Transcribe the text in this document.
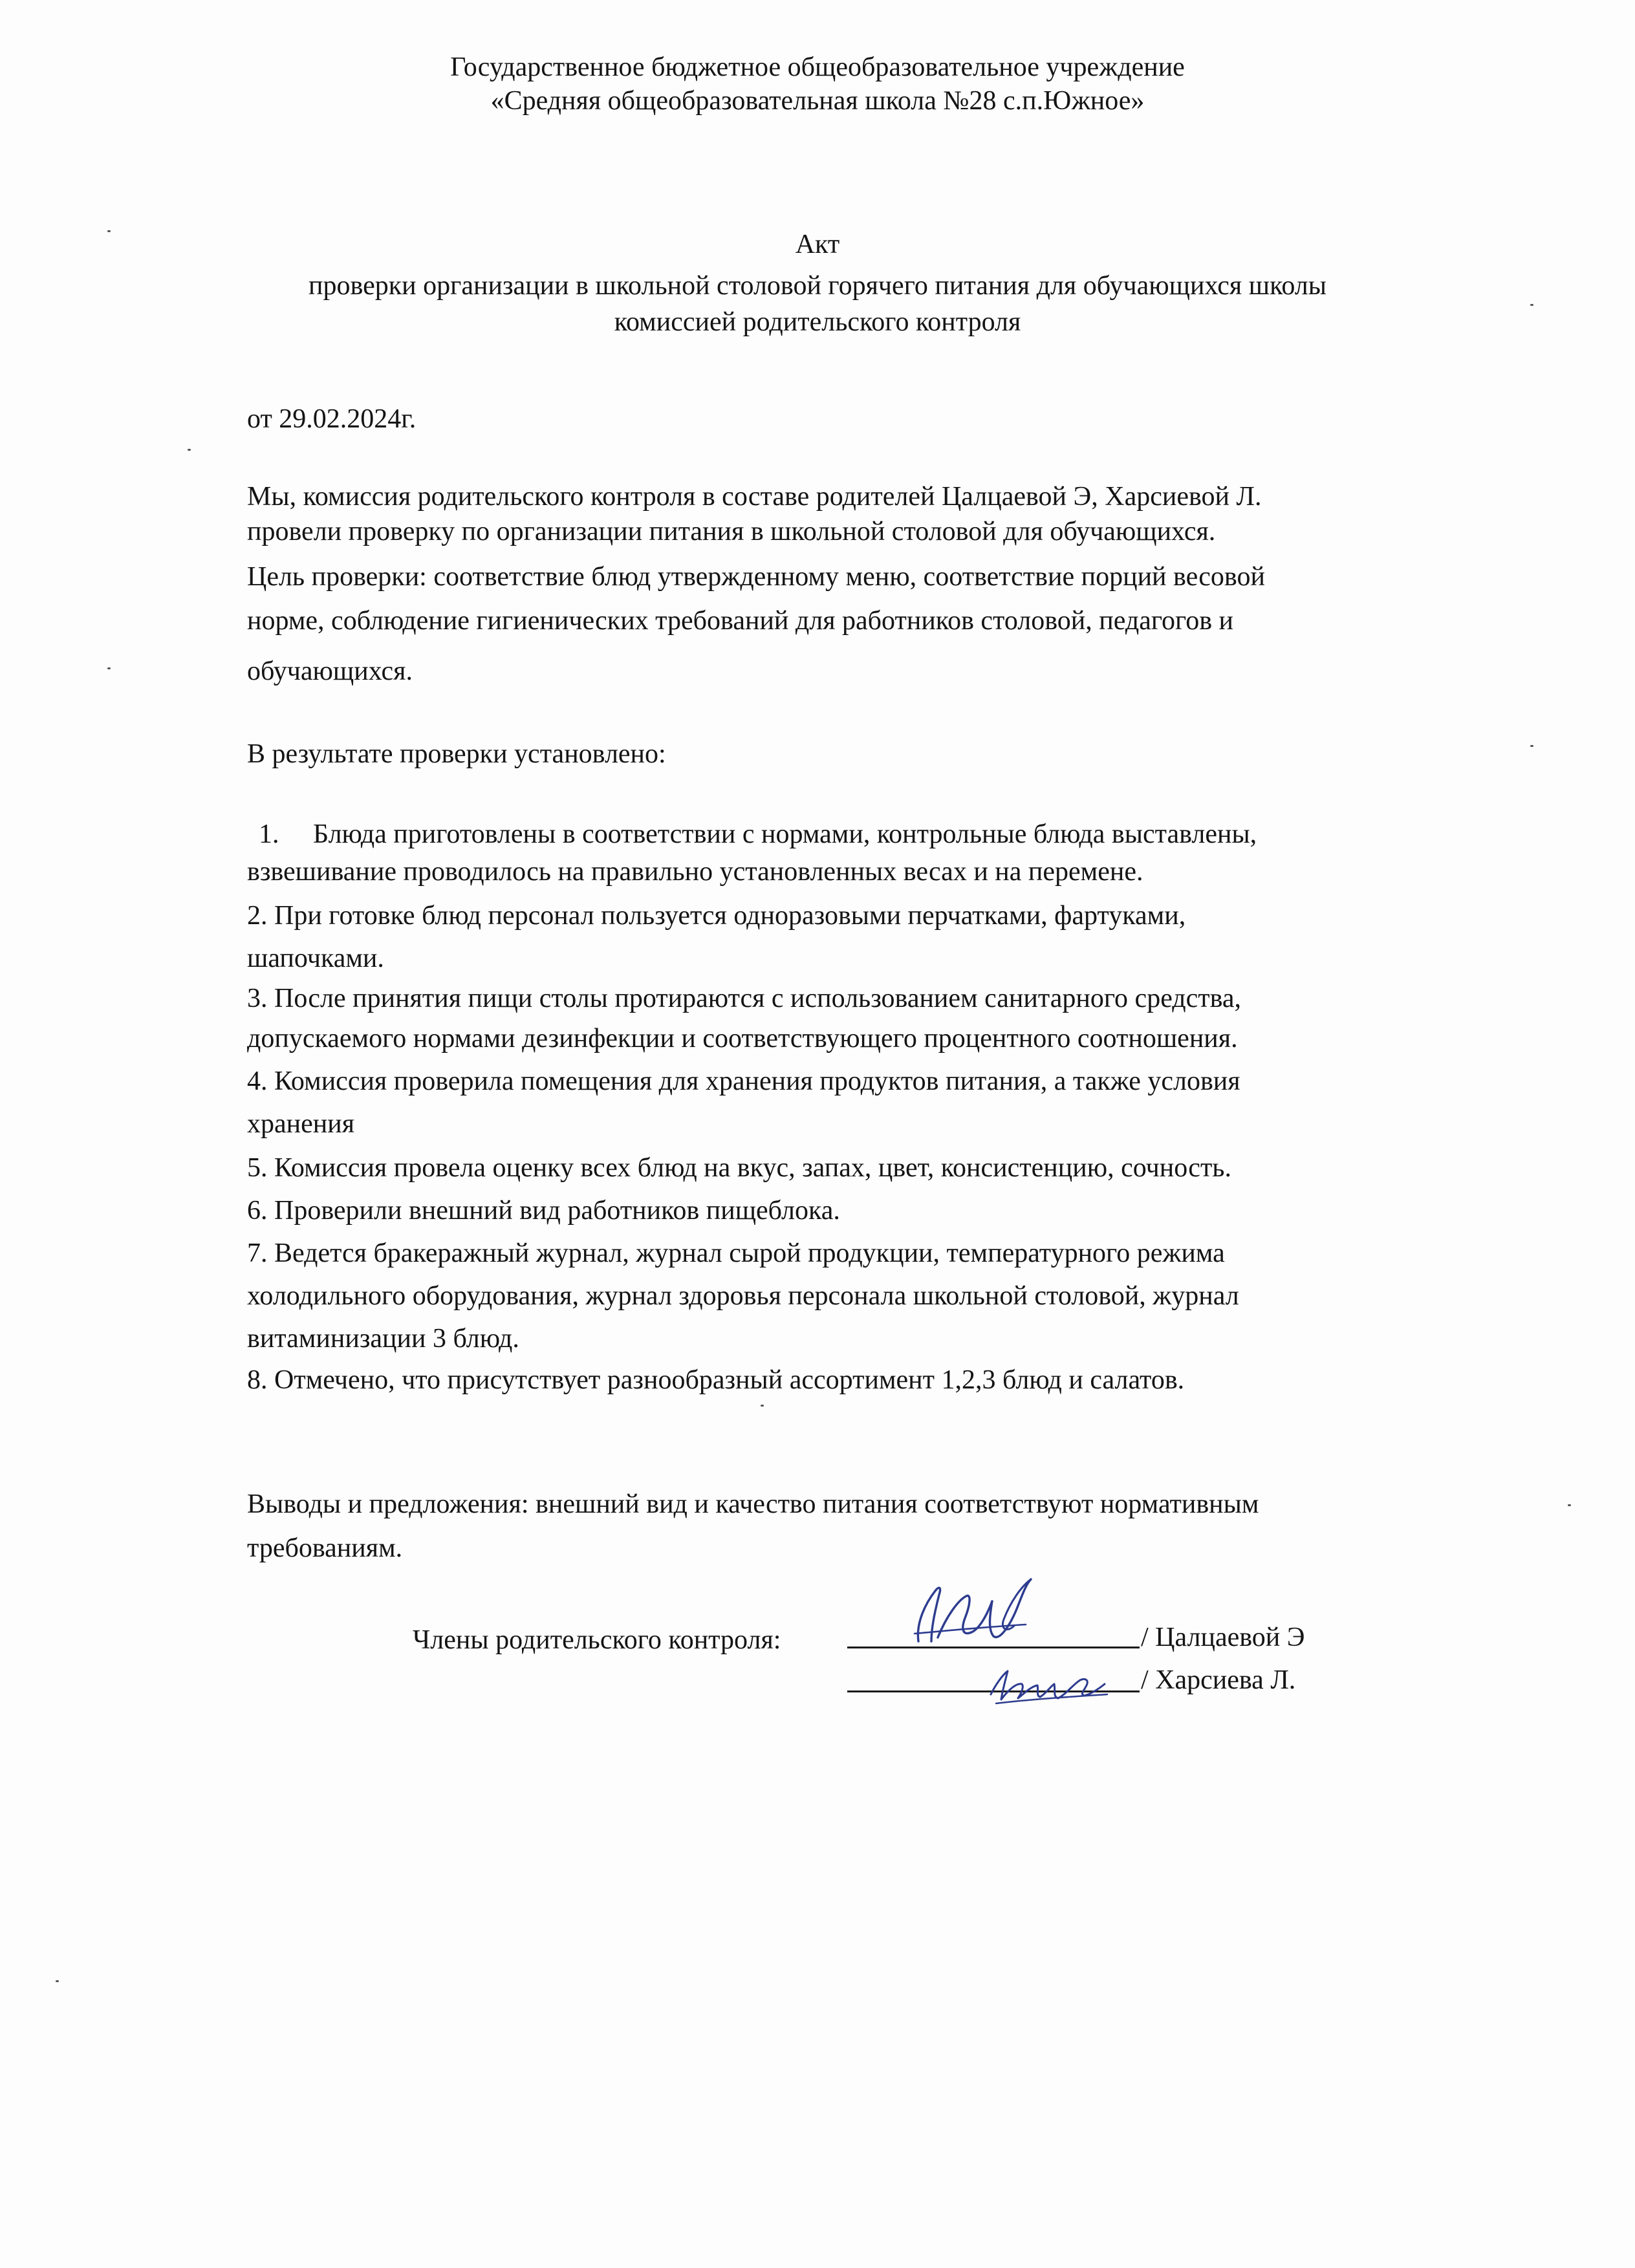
Государственное бюджетное общеобразовательное учреждение
«Средняя общеобразовательная школа №28 с.п.Южное»
Акт
проверки организации в школьной столовой горячего питания для обучающихся школы
комиссией родительского контроля
от 29.02.2024г.
Мы, комиссия родительского контроля в составе родителей Цалцаевой Э, Харсиевой Л.
провели проверку по организации питания в школьной столовой для обучающихся.
Цель проверки: соответствие блюд утвержденному меню, соответствие порций весовой
норме, соблюдение гигиенических требований для работников столовой, педагогов и
обучающихся.
В результате проверки установлено:
1. Блюда приготовлены в соответствии с нормами, контрольные блюда выставлены,
взвешивание проводилось на правильно установленных весах и на перемене.
2. При готовке блюд персонал пользуется одноразовыми перчатками, фартуками,
шапочками.
3. После принятия пищи столы протираются с использованием санитарного средства,
допускаемого нормами дезинфекции и соответствующего процентного соотношения.
4. Комиссия проверила помещения для хранения продуктов питания, а также условия
хранения
5. Комиссия провела оценку всех блюд на вкус, запах, цвет, консистенцию, сочность.
6. Проверили внешний вид работников пищеблока.
7. Ведется бракеражный журнал, журнал сырой продукции, температурного режима
холодильного оборудования, журнал здоровья персонала школьной столовой, журнал
витаминизации 3 блюд.
8. Отмечено, что присутствует разнообразный ассортимент 1,2,3 блюд и салатов.
Выводы и предложения: внешний вид и качество питания соответствуют нормативным
требованиям.
Члены родительского контроля:	/ Цалцаевой Э
/ Харсиева Л.
